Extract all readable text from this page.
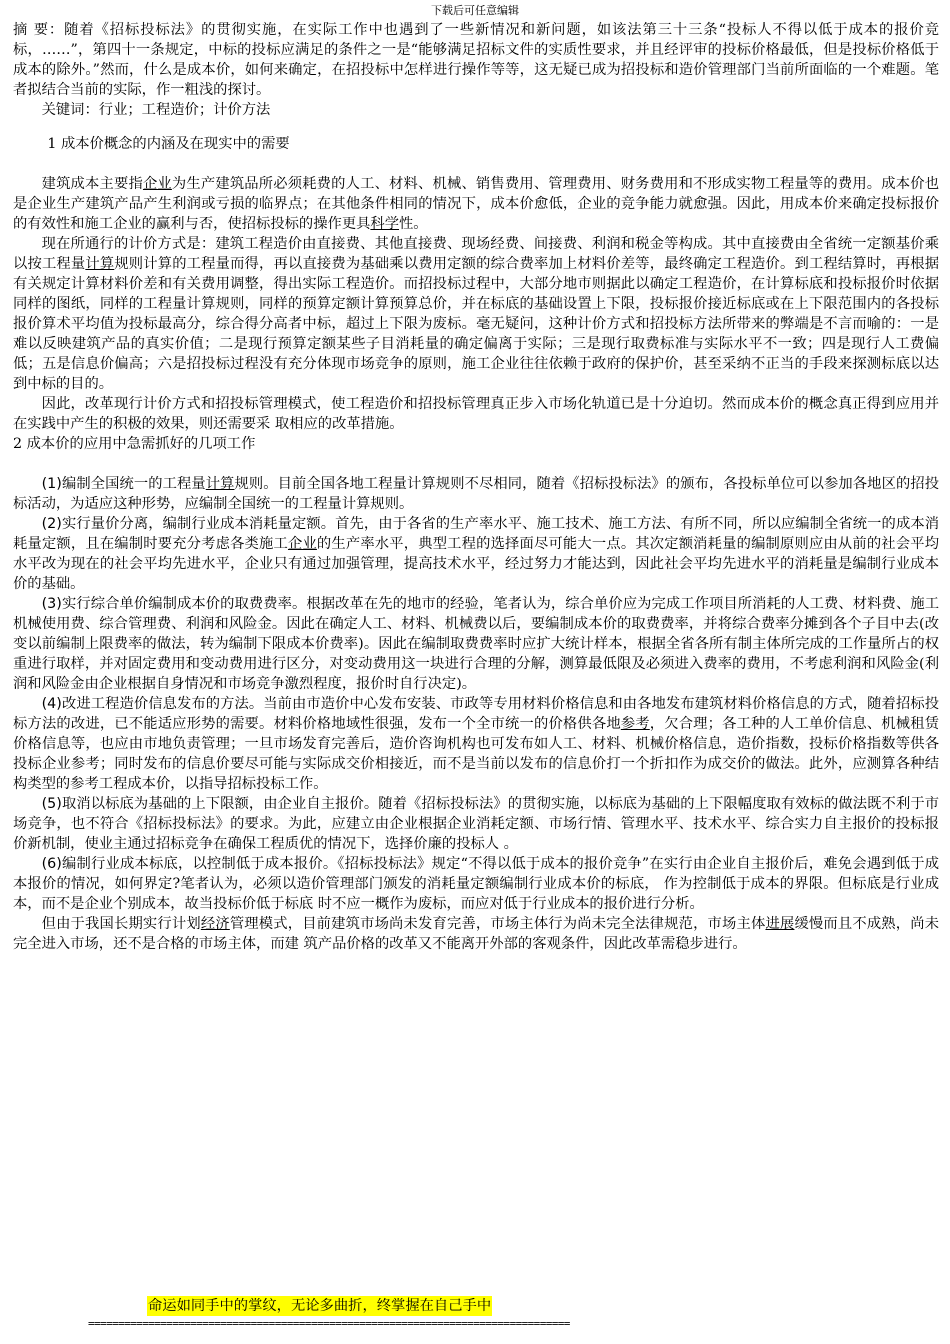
下载后可任意编辑

摘 要：随着《招标投标法》的贯彻实施，在实际工作中也遇到了一些新情况和新问题，如该法第三十三条“投标人不得以低于成本的报价竞标，……”，第四十一条规定，中标的投标应满足的条件之一是“能够满足招标文件的实质性要求，并且经评审的投标价格最低，但是投标价格低于成本的除外。”然而，什么是成本价，如何来确定，在招投标中怎样进行操作等等，这无疑已成为招投标和造价管理部门当前所面临的一个难题。笔者拟结合当前的实际，作一粗浅的探讨。

关键词：行业；工程造价；计价方法

1 成本价概念的内涵及在现实中的需要

建筑成本主要指企业为生产建筑品所必须耗费的人工、材料、机械、销售费用、管理费用、财务费用和不形成实物工程量等的费用。成本价也是企业生产建筑产品产生利润或亏损的临界点；在其他条件相同的情况下，成本价愈低，企业的竞争能力就愈强。因此，用成本价来确定投标报价的有效性和施工企业的赢利与否，使招标投标的操作更具科学性。

现在所通行的计价方式是：建筑工程造价由直接费、其他直接费、现场经费、间接费、利润和税金等构成。其中直接费由全省统一定额基价乘以按工程量计算规则计算的工程量而得，再以直接费为基础乘以费用定额的综合费率加上材料价差等，最终确定工程造价。到工程结算时，再根据有关规定计算材料价差和有关费用调整，得出实际工程造价。而招投标过程中，大部分地市则据此以确定工程造价，在计算标底和投标报价时依据同样的图纸，同样的工程量计算规则，同样的预算定额计算预算总价，并在标底的基础设置上下限，投标报价接近标底或在上下限范围内的各投标报价算术平均值为投标最高分，综合得分高者中标，超过上下限为废标。毫无疑问，这种计价方式和招投标方法所带来的弊端是不言而喻的：一是难以反映建筑产品的真实价值；二是现行预算定额某些子目消耗量的确定偏离于实际；三是现行取费标准与实际水平不一致；四是现行人工费偏低；五是信息价偏高；六是招投标过程没有充分体现市场竞争的原则，施工企业往往依赖于政府的保护价，甚至采纳不正当的手段来探测标底以达到中标的目的。

因此，改革现行计价方式和招投标管理模式，使工程造价和招投标管理真正步入市场化轨道已是十分迫切。然而成本价的概念真正得到应用并在实践中产生的积极的效果，则还需要采 取相应的改革措施。

2 成本价的应用中急需抓好的几项工作

(1)编制全国统一的工程量计算规则。目前全国各地工程量计算规则不尽相同，随着《招标投标法》的颁布，各投标单位可以参加各地区的招投标活动，为适应这种形势，应编制全国统一的工程量计算规则。

(2)实行量价分离，编制行业成本消耗量定额。首先，由于各省的生产率水平、施工技术、施工方法、有所不同，所以应编制全省统一的成本消耗量定额，且在编制时要充分考虑各类施工企业的生产率水平，典型工程的选择面尽可能大一点。其次定额消耗量的编制原则应由从前的社会平均水平改为现在的社会平均先进水平，企业只有通过加强管理，提高技术水平，经过努力才能达到，因此社会平均先进水平的消耗量是编制行业成本价的基础。

(3)实行综合单价编制成本价的取费费率。根据改革在先的地市的经验，笔者认为，综合单价应为完成工作项目所消耗的人工费、材料费、施工机械使用费、综合管理费、利润和风险金。因此在确定人工、材料、机械费以后，要编制成本价的取费费率，并将综合费率分摊到各个子目中去(改变以前编制上限费率的做法，转为编制下限成本价费率)。因此在编制取费费率时应扩大统计样本，根据全省各所有制主体所完成的工作量所占的权重进行取样，并对固定费用和变动费用进行区分，对变动费用这一块进行合理的分解，测算最低限及必须进入费率的费用，不考虑利润和风险金(利润和风险金由企业根据自身情况和市场竞争激烈程度，报价时自行决定)。

(4)改进工程造价信息发布的方法。当前由市造价中心发布安装、市政等专用材料价格信息和由各地发布建筑材料价格信息的方式，随着招标投标方法的改进，已不能适应形势的需要。材料价格地域性很强，发布一个全市统一的价格供各地参考，欠合理；各工种的人工单价信息、机械租赁价格信息等，也应由市地负责管理；一旦市场发育完善后，造价咨询机构也可发布如人工、材料、机械价格信息，造价指数，投标价格指数等供各投标企业参考；同时发布的信息价要尽可能与实际成交价相接近，而不是当前以发布的信息价打一个折扣作为成交价的做法。此外，应测算各种结构类型的参考工程成本价，以指导招标投标工作。

(5)取消以标底为基础的上下限额，由企业自主报价。随着《招标投标法》的贯彻实施，以标底为基础的上下限幅度取有效标的做法既不利于市场竞争，也不符合《招标投标法》的要求。为此，应建立由企业根据企业消耗定额、市场行情、管理水平、技术水平、综合实力自主报价的投标报价新机制，使业主通过招标竞争在确保工程质优的情况下，选择价廉的投标人 。

(6)编制行业成本标底，以控制低于成本报价。《招标投标法》规定“不得以低于成本的报价竞争”在实行由企业自主报价后，难免会遇到低于成本报价的情况，如何界定?笔者认为，必须以造价管理部门颁发的消耗量定额编制行业成本价的标底， 作为控制低于成本的界限。但标底是行业成本，而不是企业个别成本，故当投标价低于标底 时不应一概作为废标，而应对低于行业成本的报价进行分析。

但由于我国长期实行计划经济管理模式，目前建筑市场尚未发育完善，市场主体行为尚未完全法律规范，市场主体进展缓慢而且不成熟，尚未完全进入市场，还不是合格的市场主体，而建 筑产品价格的改革又不能离开外部的客观条件，因此改革需稳步进行。

命运如同手中的掌纹，无论多曲折，终掌握在自己手中
================================================================================
